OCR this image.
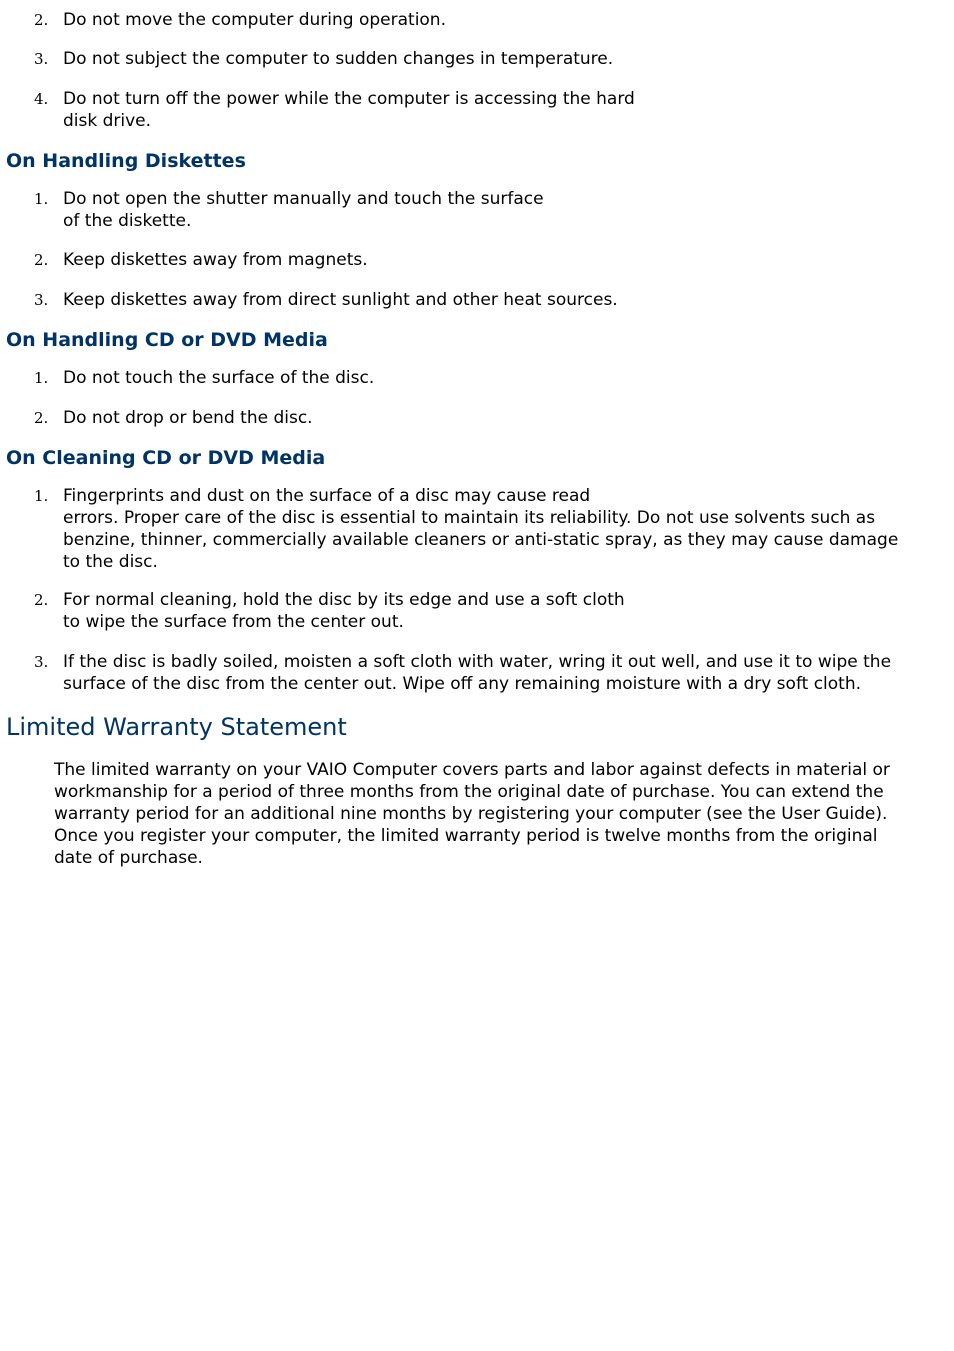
2. Do not move the computer during operation.
3. Do not subject the computer to sudden changes in temperature.
4. Do not turn off the power while the computer is accessing the hard
disk drive.
On Handling Diskettes
1. Do not open the shutter manually and touch the surface
of the diskette.
2. Keep diskettes away from magnets.
3. Keep diskettes away from direct sunlight and other heat sources.
On Handling CD or DVD Media
1. Do not touch the surface of the disc.
2. Do not drop or bend the disc.
On Cleaning CD or DVD Media
1. Fingerprints and dust on the surface of a disc may cause read
errors. Proper care of the disc is essential to maintain its reliability. Do not use solvents such as
benzine, thinner, commercially available cleaners or anti-static spray, as they may cause damage
to the disc.
2. For normal cleaning, hold the disc by its edge and use a soft cloth
to wipe the surface from the center out.
3. If the disc is badly soiled, moisten a soft cloth with water, wring it out well, and use it to wipe the
surface of the disc from the center out. Wipe off any remaining moisture with a dry soft cloth.
Limited Warranty Statement
The limited warranty on your VAIO Computer covers parts and labor against defects in material or
workmanship for a period of three months from the original date of purchase. You can extend the
warranty period for an additional nine months by registering your computer (see the User Guide).
Once you register your computer, the limited warranty period is twelve months from the original
date of purchase.
